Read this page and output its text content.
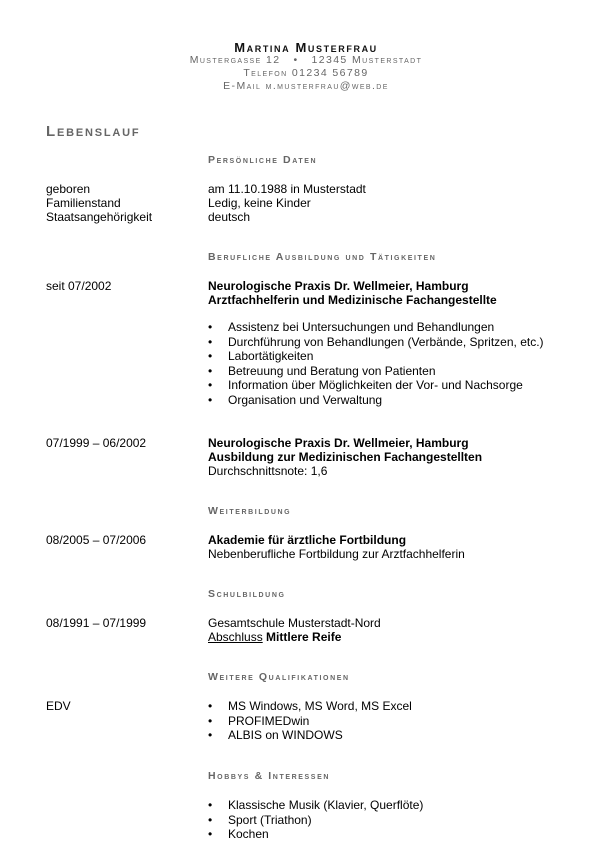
Martina Musterfrau
Mustergasse 12   •   12345 Musterstadt
Telefon 01234 56789
E-Mail m.musterfrau@web.de
Lebenslauf
Persönliche Daten
geboren	am 11.10.1988 in Musterstadt
Familienstand	Ledig, keine Kinder
Staatsangehörigkeit	deutsch
Berufliche Ausbildung und Tätigkeiten
seit 07/2002	Neurologische Praxis Dr. Wellmeier, Hamburg
Arztfachhelferin und Medizinische Fachangestellte
• Assistenz bei Untersuchungen und Behandlungen
• Durchführung von Behandlungen (Verbände, Spritzen, etc.)
• Labortätigkeiten
• Betreuung und Beratung von Patienten
• Information über Möglichkeiten der Vor- und Nachsorge
• Organisation und Verwaltung
07/1999 – 06/2002	Neurologische Praxis Dr. Wellmeier, Hamburg
Ausbildung zur Medizinischen Fachangestellten
Durchschnittsnote: 1,6
Weiterbildung
08/2005 – 07/2006	Akademie für ärztliche Fortbildung
Nebenberufliche Fortbildung zur Arztfachhelferin
Schulbildung
08/1991 – 07/1999	Gesamtschule Musterstadt-Nord
Abschluss Mittlere Reife
Weitere Qualifikationen
EDV
•	MS Windows, MS Word, MS Excel
• PROFIMEDwin
• ALBIS on WINDOWS
Hobbys & Interessen
• Klassische Musik (Klavier, Querflöte)
• Sport (Triathon)
• Kochen
